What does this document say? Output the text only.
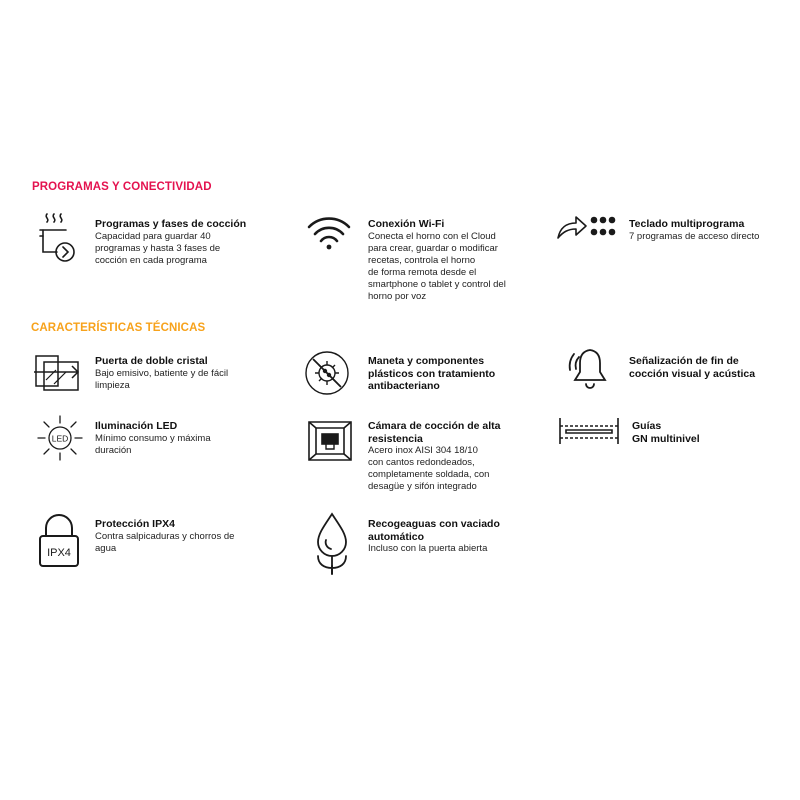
PROGRAMAS Y CONECTIVIDAD
Programas y fases de cocción
Capacidad para guardar 40
programas y hasta 3 fases de
cocción en cada programa
Conexión Wi-Fi
Conecta el horno con el Cloud
para crear, guardar o modificar
recetas, controla el horno
de forma remota desde el
smartphone o tablet y control del
horno por voz
Teclado multiprograma
7 programas de acceso directo
CARACTERÍSTICAS TÉCNICAS
Puerta de doble cristal
Bajo emisivo, batiente y de fácil
limpieza
Maneta y componentes
plásticos con tratamiento
antibacteriano
Señalización de fin de
cocción visual y acústica
LED
Iluminación LED
Mínimo consumo y máxima
duración
Cámara de cocción de alta
resistencia
Acero inox AISI 304 18/10
con cantos redondeados,
completamente soldada, con
desagüe y sifón integrado
Guías
GN multinivel
IPX4
Protección IPX4
Contra salpicaduras y chorros de
agua
Recogeaguas con vaciado
automático
Incluso con la puerta abierta
